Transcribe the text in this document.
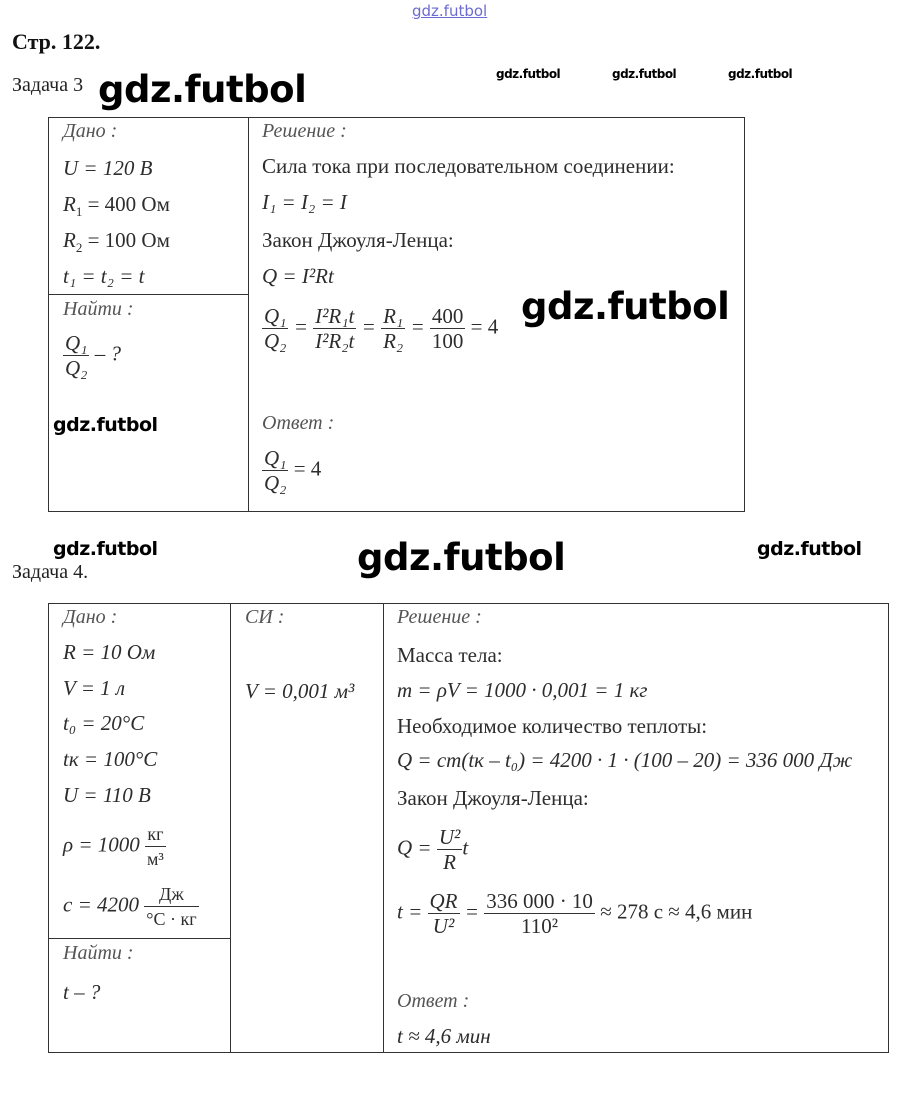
gdz.futbol
gdz.futbol	gdz.futbol	gdz.futbol	gdz.futbol
gdz.futbol
gdz.futbol
gdz.futbol	gdz.futbol	gdz.futbol
Стр. 122.
Задача 3
Дано :
U = 120 В
$R_1 = 400$ Ом
$R_2 = 100$ Ом
t₁ = t₂ = t
Найти :
$\frac{\text{Q₁}}{\text{Q₂}}$ – ?
Решение :
Сила тока при последовательном соединении:
I₁ = I₂ = I
Закон Джоуля-Ленца:
Q = I²Rt
$\frac{\text{Q₁}}{\text{Q₂}} = \frac{\text{I²R₁t}}{\text{I²R₂t}} = \frac{\text{R₁}}{\text{R₂}} = \frac{400}{100} = 4$
Ответ :
$\frac{\text{Q₁}}{\text{Q₂}} = 4$
Задача 4.
Дано :
R = 10 Ом
V = 1 л
t₀ = 20°C
tк = 100°C
U = 110 В
$\rho = 1000 \frac{кг}{\text{м³}}$
$c = 4200 \frac{Дж}{^\circ C \cdot кг}$
Найти :
t – ?
СИ :
V = 0,001 м³
Решение :
Масса тела:
m = ρV = 1000 · 0,001 = 1 кг
Необходимое количество теплоты:
Q = cm(tк – t₀) = 4200 · 1 · (100 – 20) = 336 000 Дж
Закон Джоуля-Ленца:
$Q = \frac{\text{U²}}{R}$ t
$t = \frac{QR}{\text{U²}} = \frac{336 000 \cdot 10}{\text{110²}} \approx 278$ с ≈ 4,6 мин
Ответ :
t ≈ 4,6 мин
